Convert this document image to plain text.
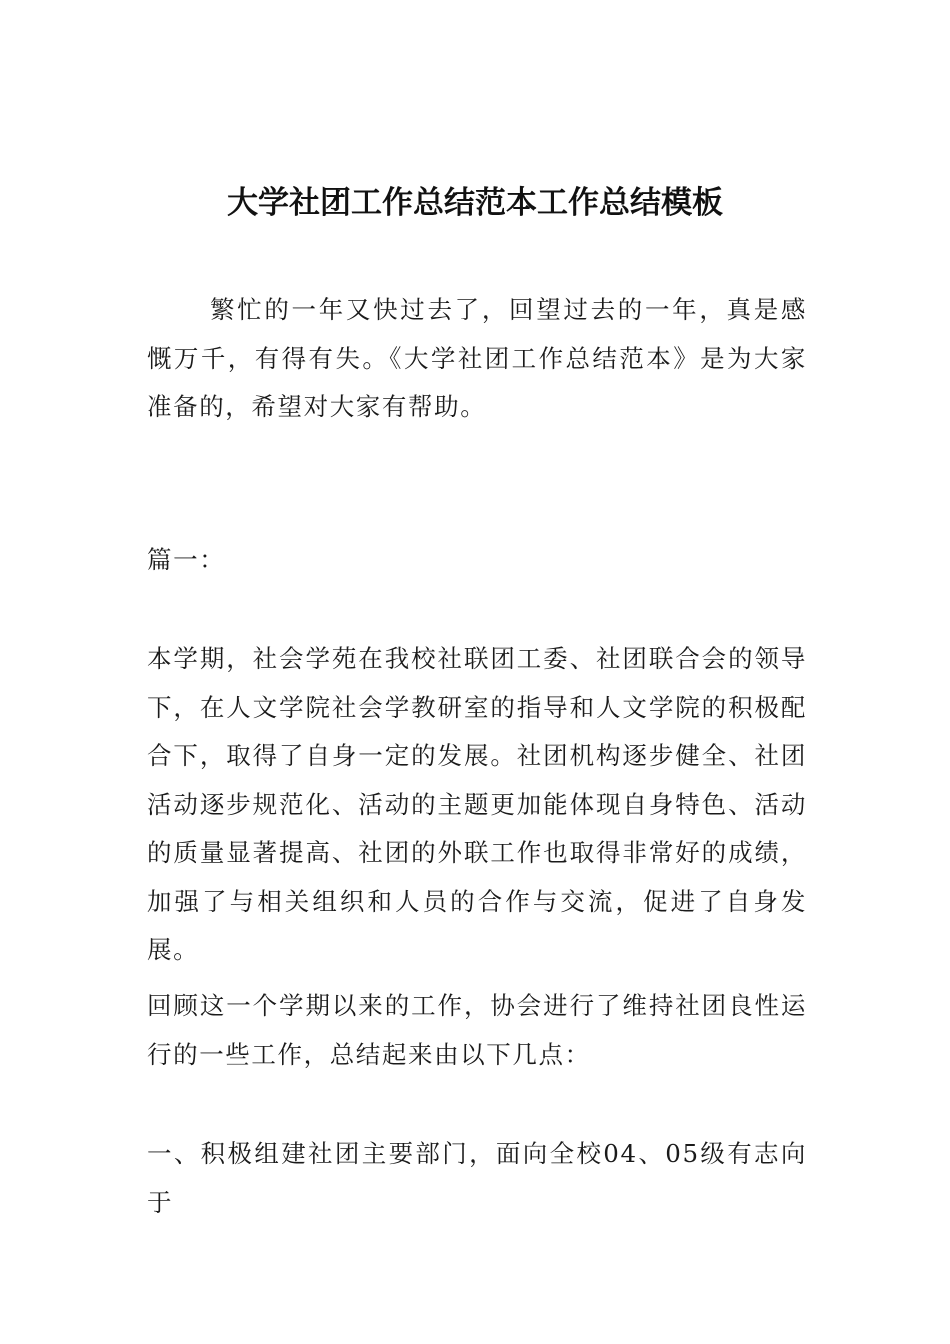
大学社团工作总结范本工作总结模板

繁忙的一年又快过去了，回望过去的一年，真是感慨万千，有得有失。《大学社团工作总结范本》是为大家准备的，希望对大家有帮助。

篇一：

本学期，社会学苑在我校社联团工委、社团联合会的领导下，在人文学院社会学教研室的指导和人文学院的积极配合下，取得了自身一定的发展。社团机构逐步健全、社团活动逐步规范化、活动的主题更加能体现自身特色、活动的质量显著提高、社团的外联工作也取得非常好的成绩，加强了与相关组织和人员的合作与交流，促进了自身发展。

回顾这一个学期以来的工作，协会进行了维持社团良性运行的一些工作，总结起来由以下几点：

一、积极组建社团主要部门，面向全校04、05级有志向于
